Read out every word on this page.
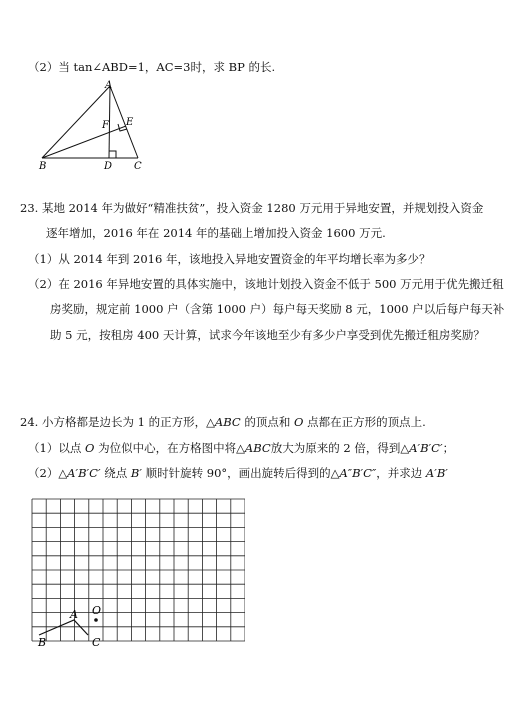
（2）当 tan∠ABD=1，AC=3时，求 BP 的长.
A
F E
B	D C
23. 某地 2014 年为做好“精准扶贫”，投入资金 1280 万元用于异地安置，并规划投入资金
逐年增加，2016 年在 2014 年的基础上增加投入资金 1600 万元.
（1）从 2014 年到 2016 年，该地投入异地安置资金的年平均增长率为多少？
（2）在 2016 年异地安置的具体实施中，该地计划投入资金不低于 500 万元用于优先搬迁租
房奖励，规定前 1000 户（含第 1000 户）每户每天奖励 8 元，1000 户以后每户每天补
助 5 元，按租房 400 天计算，试求今年该地至少有多少户享受到优先搬迁租房奖励？
24. 小方格都是边长为 1 的正方形，△ABC 的顶点和 O 点都在正方形的顶点上.
（1）以点 O 为位似中心，在方格图中将△ABC放大为原来的 2 倍，得到△A′B′C′；
（2）△A′B′C′ 绕点 B′ 顺时针旋转 90°，画出旋转后得到的△A″B′C″，并求边 A′B′
A O
B	C
